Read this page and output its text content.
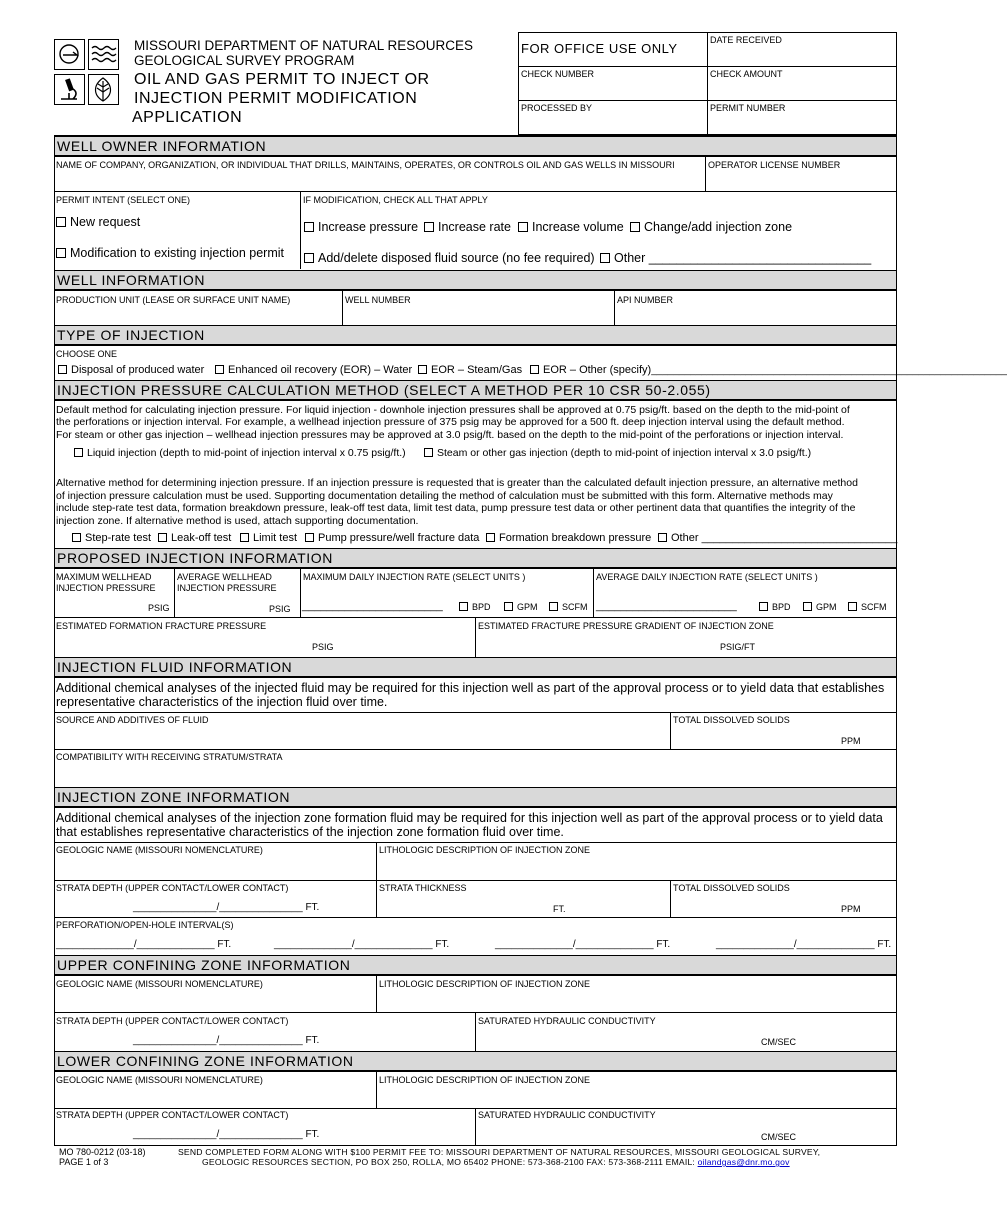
MISSOURI DEPARTMENT OF NATURAL RESOURCES
GEOLOGICAL SURVEY PROGRAM
OIL AND GAS PERMIT TO INJECT OR
INJECTION PERMIT MODIFICATION
APPLICATION
FOR OFFICE USE ONLY
DATE RECEIVED
CHECK NUMBER	CHECK AMOUNT
PROCESSED BY	PERMIT NUMBER
WELL OWNER INFORMATION
NAME OF COMPANY, ORGANIZATION, OR INDIVIDUAL THAT DRILLS, MAINTAINS, OPERATES, OR CONTROLS OIL AND GAS WELLS IN MISSOURI	OPERATOR LICENSE NUMBER
PERMIT INTENT (SELECT ONE)
New request
Modification to existing injection permit
IF MODIFICATION, CHECK ALL THAT APPLY
Increase pressure	Increase rate	Increase volume	Change/add injection zone
Add/delete disposed fluid source (no fee required)	Other ________________________________
WELL INFORMATION
PRODUCTION UNIT (LEASE OR SURFACE UNIT NAME)	WELL NUMBER	API NUMBER
TYPE OF INJECTION
CHOOSE ONE
Disposal of produced water	Enhanced oil recovery (EOR) – Water	EOR – Steam/Gas	EOR – Other (specify)________________________________________________________________
INJECTION PRESSURE CALCULATION METHOD (SELECT A METHOD PER 10 CSR 50-2.055)
Default method for calculating injection pressure. For liquid injection - downhole injection pressures shall be approved at 0.75 psig/ft. based on the depth to the mid-point of
the perforations or injection interval. For example, a wellhead injection pressure of 375 psig may be approved for a 500 ft. deep injection interval using the default method.
For steam or other gas injection – wellhead injection pressures may be approved at 3.0 psig/ft. based on the depth to the mid-point of the perforations or injection interval.
Liquid injection (depth to mid-point of injection interval x 0.75 psig/ft.)	Steam or other gas injection (depth to mid-point of injection interval x 3.0 psig/ft.)
Alternative method for determining injection pressure. If an injection pressure is requested that is greater than the calculated default injection pressure, an alternative method
of injection pressure calculation must be used. Supporting documentation detailing the method of calculation must be submitted with this form. Alternative methods may
include step-rate test data, formation breakdown pressure, leak-off test data, limit test data, pump pressure test data or other pertinent data that quantifies the integrity of the
injection zone. If alternative method is used, attach supporting documentation.
Step-rate test	Leak-off test	Limit test	Pump pressure/well fracture data	Formation breakdown pressure	Other ________________________________
PROPOSED INJECTION INFORMATION
MAXIMUM WELLHEAD
INJECTION PRESSURE
PSIG
AVERAGE WELLHEAD
INJECTION PRESSURE
PSIG
MAXIMUM DAILY INJECTION RATE (SELECT UNITS )
_______________________	BPD	GPM	SCFM
AVERAGE DAILY INJECTION RATE (SELECT UNITS )
_______________________	BPD	GPM	SCFM
ESTIMATED FORMATION FRACTURE PRESSURE
PSIG
ESTIMATED FRACTURE PRESSURE GRADIENT OF INJECTION ZONE
PSIG/FT
INJECTION FLUID INFORMATION
Additional chemical analyses of the injected fluid may be required for this injection well as part of the approval process or to yield data that establishes
representative characteristics of the injection fluid over time.
SOURCE AND ADDITIVES OF FLUID	TOTAL DISSOLVED SOLIDS
PPM
COMPATIBILITY WITH RECEIVING STRATUM/STRATA
INJECTION ZONE INFORMATION
Additional chemical analyses of the injection zone formation fluid may be required for this injection well as part of the approval process or to yield data
that establishes representative characteristics of the injection zone formation fluid over time.
GEOLOGIC NAME (MISSOURI NOMENCLATURE)	LITHOLOGIC DESCRIPTION OF INJECTION ZONE
STRATA DEPTH (UPPER CONTACT/LOWER CONTACT)
_______________/_______________ FT.
STRATA THICKNESS
FT.
TOTAL DISSOLVED SOLIDS
PPM
PERFORATION/OPEN-HOLE INTERVAL(S)
______________/______________ FT.	______________/______________ FT.	______________/______________ FT.	______________/______________ FT.
UPPER CONFINING ZONE INFORMATION
GEOLOGIC NAME (MISSOURI NOMENCLATURE)	LITHOLOGIC DESCRIPTION OF INJECTION ZONE
STRATA DEPTH (UPPER CONTACT/LOWER CONTACT)
_______________/_______________ FT.
SATURATED HYDRAULIC CONDUCTIVITY
CM/SEC
LOWER CONFINING ZONE INFORMATION
GEOLOGIC NAME (MISSOURI NOMENCLATURE)	LITHOLOGIC DESCRIPTION OF INJECTION ZONE
STRATA DEPTH (UPPER CONTACT/LOWER CONTACT)
_______________/_______________ FT.
SATURATED HYDRAULIC CONDUCTIVITY
CM/SEC
MO 780-0212 (03-18)
PAGE 1 of 3
SEND COMPLETED FORM ALONG WITH $100 PERMIT FEE TO: MISSOURI DEPARTMENT OF NATURAL RESOURCES, MISSOURI GEOLOGICAL SURVEY,
GEOLOGIC RESOURCES SECTION, PO BOX 250, ROLLA, MO 65402 PHONE: 573-368-2100 FAX: 573-368-2111 EMAIL: oilandgas@dnr.mo.gov
